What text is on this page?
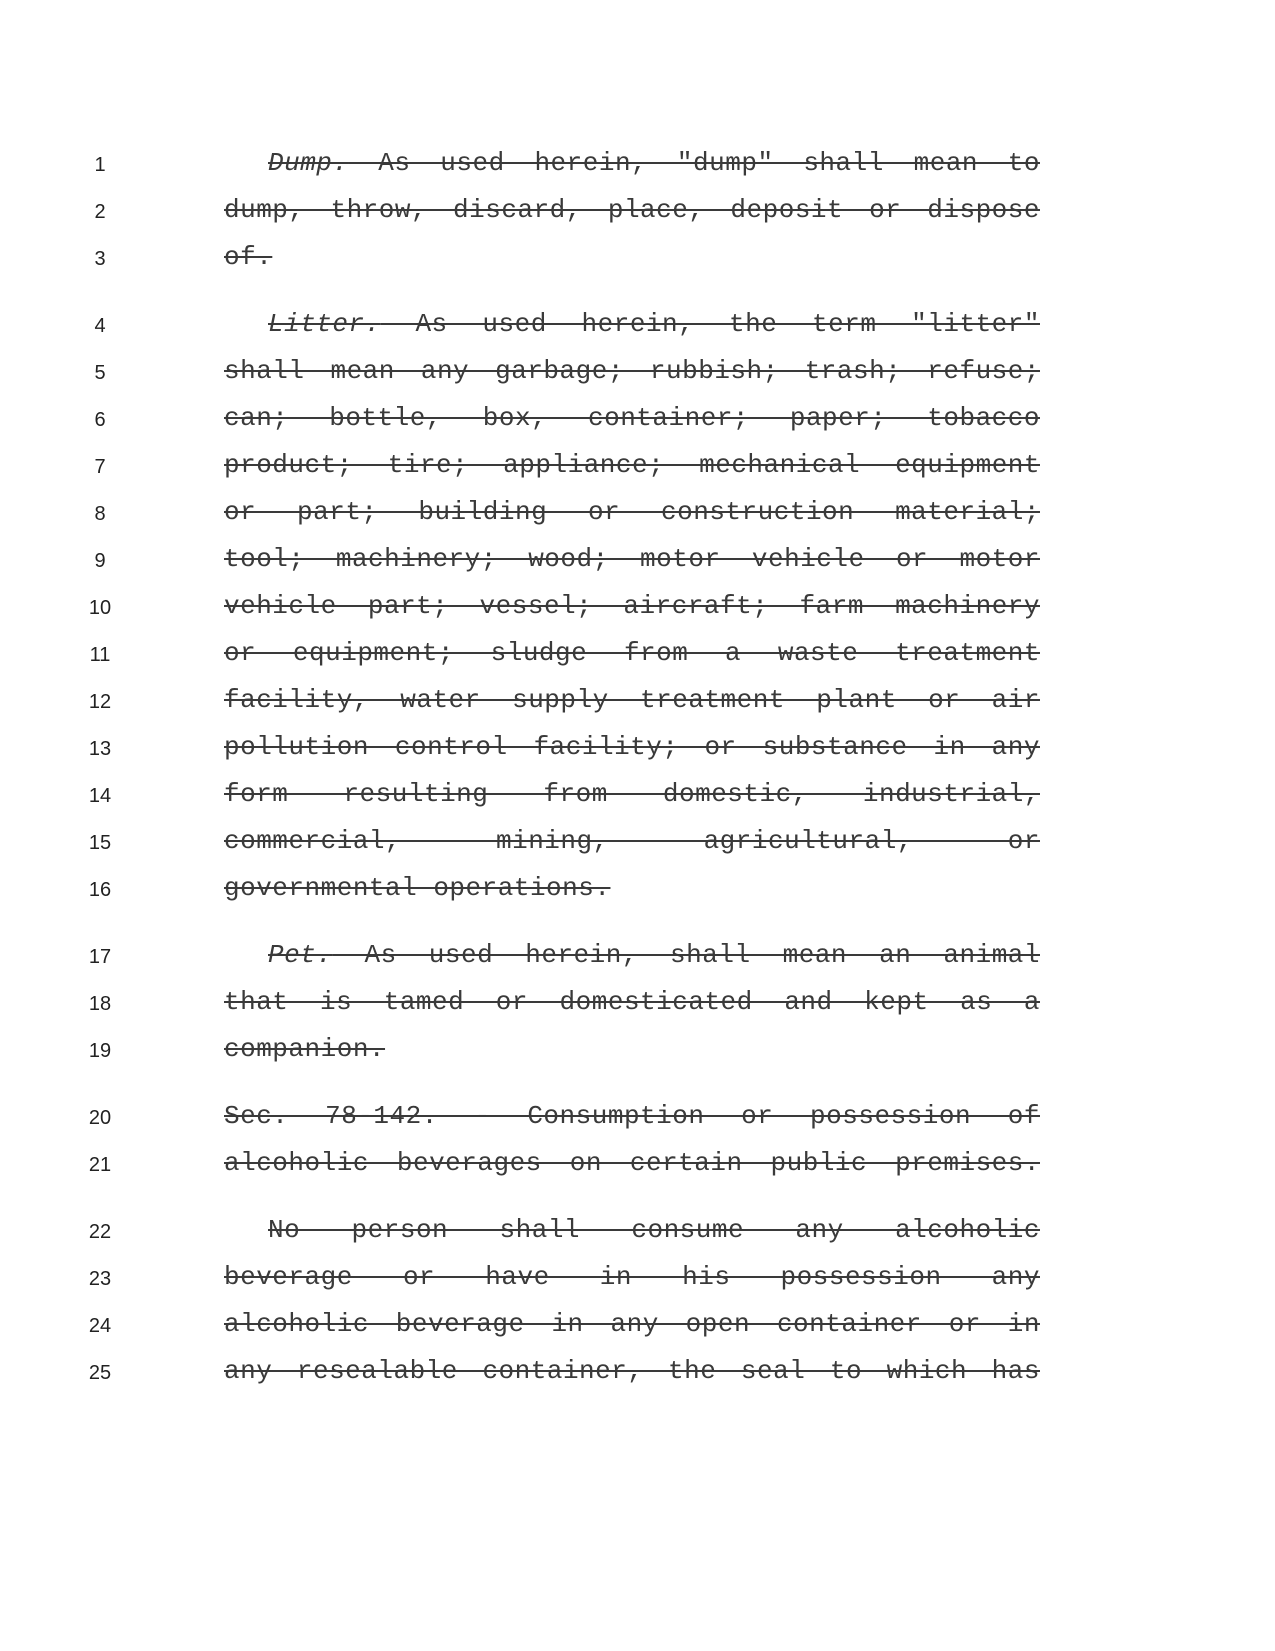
1
2
3
4
5
6
7
8
9
10
11
12
13
14
15
16
17
18
19
20
21
22
23
24
25
Dump. As used herein, "dump" shall mean to
dump, throw, discard, place, deposit or dispose
of.
Litter. As used herein, the term "litter"
shall mean any garbage; rubbish; trash; refuse;
can; bottle, box, container; paper; tobacco
product; tire; appliance; mechanical equipment
or part; building or construction material;
tool; machinery; wood; motor vehicle or motor
vehicle part; vessel; aircraft; farm machinery
or equipment; sludge from a waste treatment
facility, water supply treatment plant or air
pollution control facility; or substance in any
form resulting from domestic, industrial,
commercial, mining, agricultural, or
governmental operations.
Pet. As used herein, shall mean an animal
that is tamed or domesticated and kept as a
companion.
Sec. 78-142. - Consumption or possession of
alcoholic beverages on certain public premises.
No person shall consume any alcoholic
beverage or have in his possession any
alcoholic beverage in any open container or in
any resealable container, the seal to which has
